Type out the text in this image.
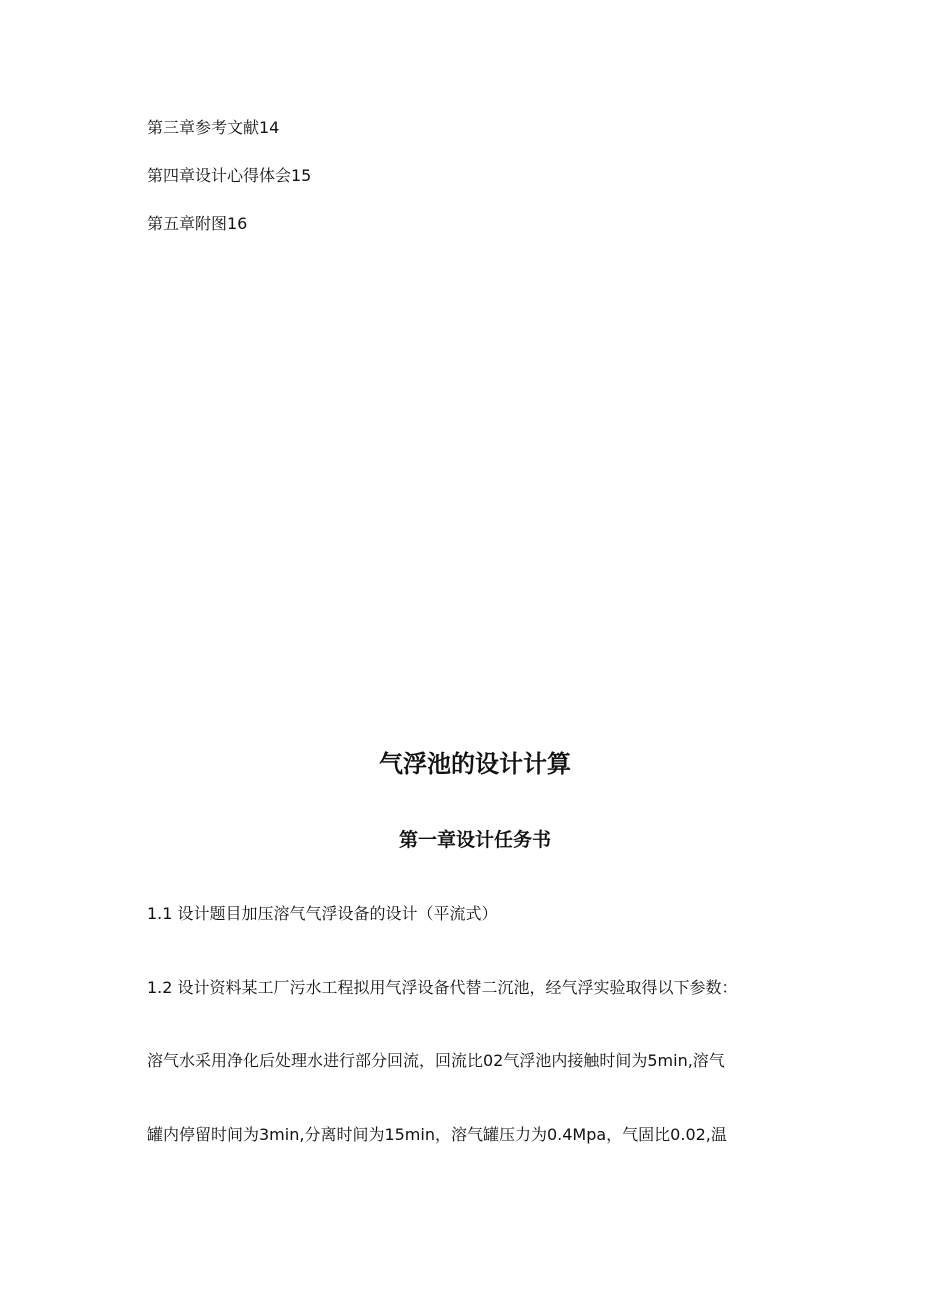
第三章参考文献14
第四章设计心得体会15
第五章附图16
气浮池的设计计算
第一章设计任务书
1.1 设计题目加压溶气气浮设备的设计（平流式）
1.2 设计资料某工厂污水工程拟用气浮设备代替二沉池，经气浮实验取得以下参数：
溶气水采用净化后处理水进行部分回流，回流比02气浮池内接触时间为5min,溶气
罐内停留时间为3min,分离时间为15min，溶气罐压力为0.4Mpa，气固比0.02,温
